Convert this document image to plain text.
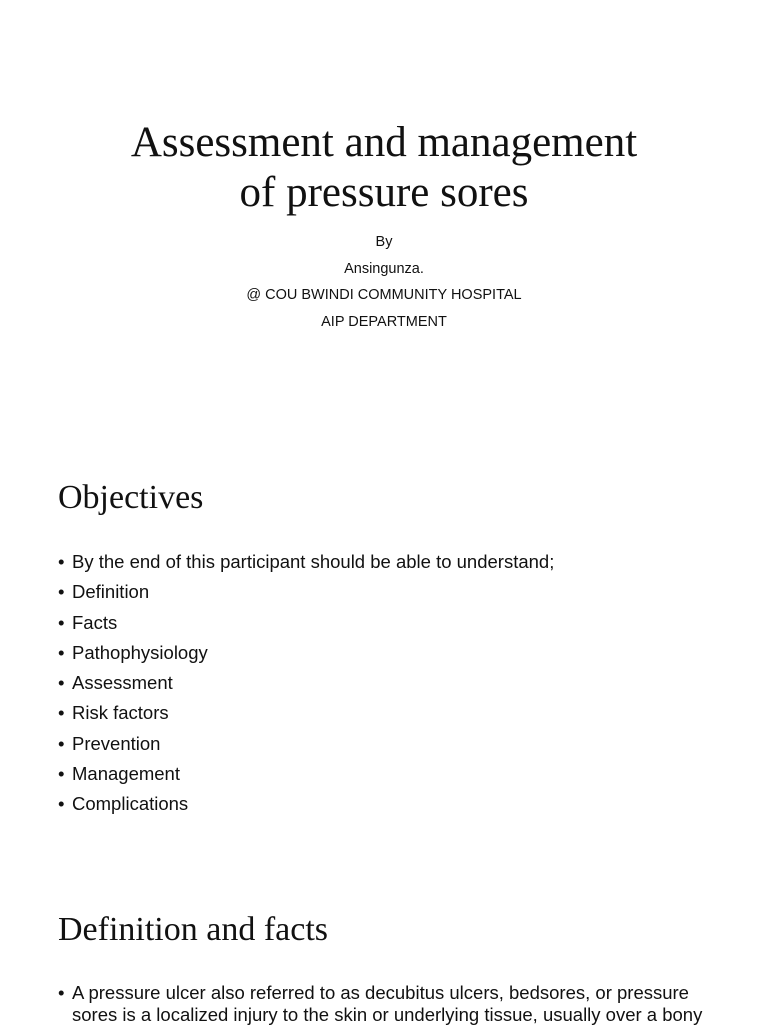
Assessment and management
of pressure sores
By
Ansingunza.
@ COU BWINDI COMMUNITY HOSPITAL
AIP DEPARTMENT
Objectives
• By the end of this participant should be able to understand;
• Definition
• Facts
• Pathophysiology
• Assessment
• Risk factors
• Prevention
• Management
• Complications
Definition and facts
• A pressure ulcer also referred to as decubitus ulcers, bedsores, or pressure sores is a localized injury to the skin or underlying tissue, usually over a bony
